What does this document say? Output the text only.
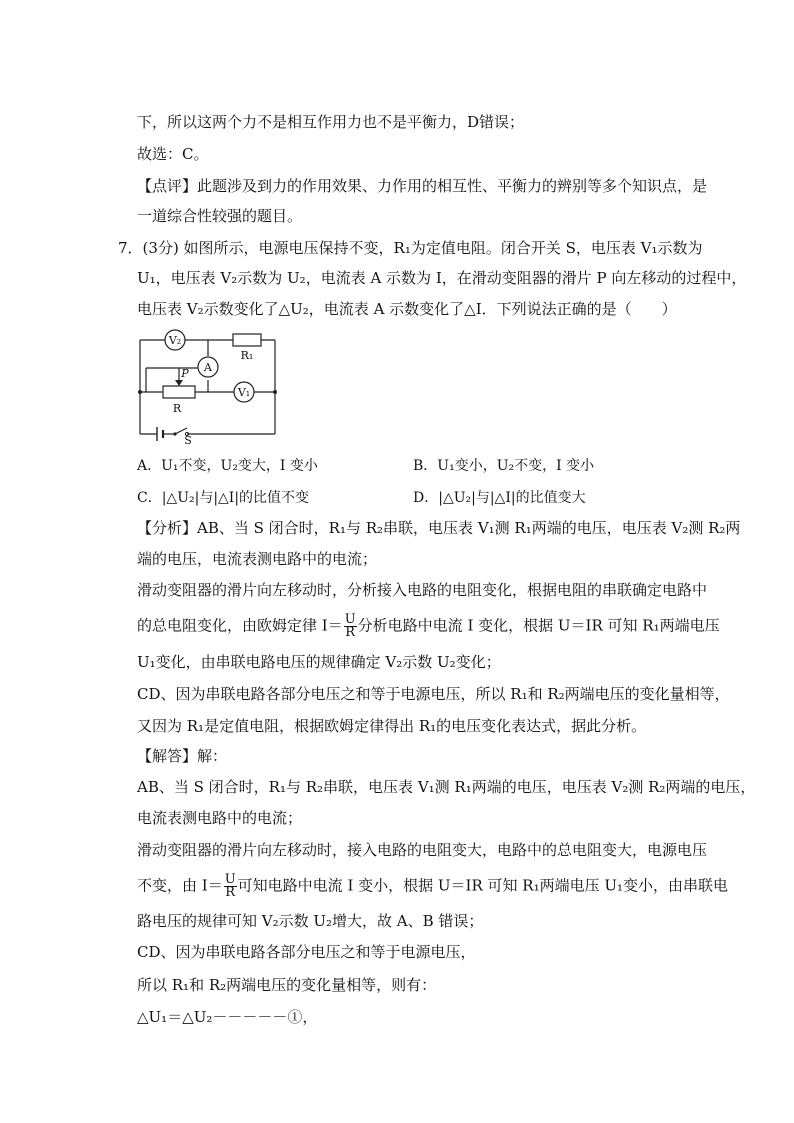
下，所以这两个力不是相互作用力也不是平衡力，D错误；
故选：C。
【点评】此题涉及到力的作用效果、力作用的相互性、平衡力的辨别等多个知识点，是
一道综合性较强的题目。
7．(3分) 如图所示，电源电压保持不变，R₁为定值电阻。闭合开关 S，电压表 V₁示数为
U₁，电压表 V₂示数为 U₂，电流表 A 示数为 I，在滑动变阻器的滑片 P 向左移动的过程中，
电压表 V₂示数变化了△U₂，电流表 A 示数变化了△I．下列说法正确的是（　　）
V₂
R₁
A
P
V₁
R
S
A．U₁不变，U₂变大，I 变小	B．U₁变小，U₂不变，I 变小
C．|△U₂|与|△I|的比值不变	D．|△U₂|与|△I|的比值变大
【分析】AB、当 S 闭合时，R₁与 R₂串联，电压表 V₁测 R₁两端的电压，电压表 V₂测 R₂两
端的电压，电流表测电路中的电流；
滑动变阻器的滑片向左移动时，分析接入电路的电阻变化，根据电阻的串联确定电路中
的总电阻变化，由欧姆定律 $I= \frac{U}{R}$ 分析电路中电流 I 变化，根据 U＝IR 可知 R₁两端电压
U₁变化，由串联电路电压的规律确定 V₂示数 U₂变化；
CD、因为串联电路各部分电压之和等于电源电压，所以 R₁和 R₂两端电压的变化量相等，
又因为 R₁是定值电阻，根据欧姆定律得出 R₁的电压变化表达式，据此分析。
【解答】解：
AB、当 S 闭合时，R₁与 R₂串联，电压表 V₁测 R₁两端的电压，电压表 V₂测 R₂两端的电压，
电流表测电路中的电流；
滑动变阻器的滑片向左移动时，接入电路的电阻变大，电路中的总电阻变大，电源电压
不变，由 $I= \frac{U}{R}$ 可知电路中电流 I 变小，根据 U＝IR 可知 R₁两端电压 U₁变小，由串联电
路电压的规律可知 V₂示数 U₂增大，故 A、B 错误；
CD、因为串联电路各部分电压之和等于电源电压，
所以 R₁和 R₂两端电压的变化量相等，则有：
△U₁＝△U₂－－－－－①，
